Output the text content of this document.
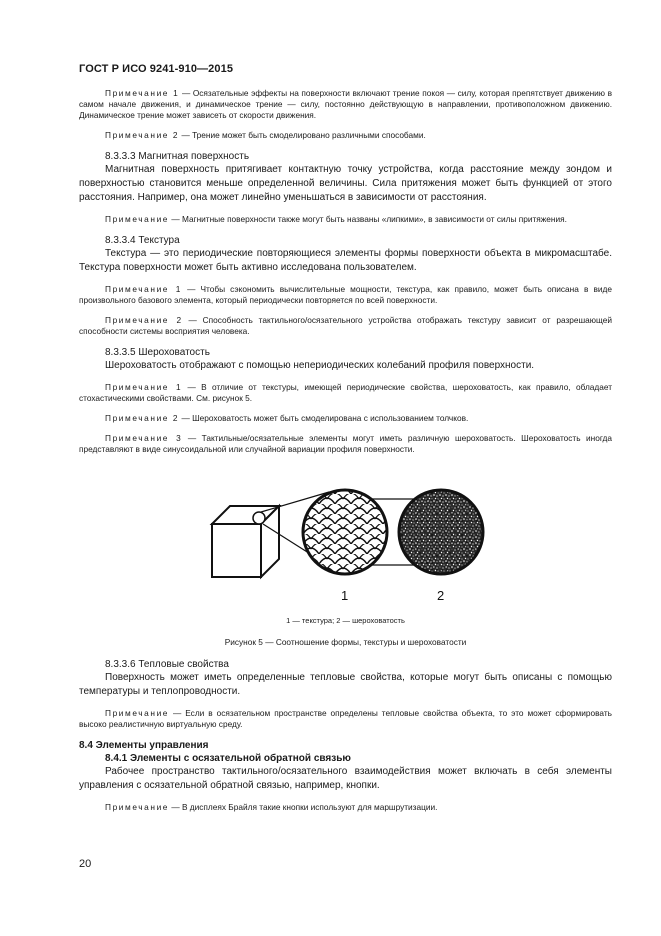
ГОСТ Р ИСО 9241-910—2015

Примечание 1 — Осязательные эффекты на поверхности включают трение покоя — силу, которая препятствует движению в самом начале движения, и динамическое трение — силу, постоянно действующую в направлении, противоположном движению. Динамическое трение может зависеть от скорости движения.

Примечание 2 — Трение может быть смоделировано различными способами.

8.3.3.3 Магнитная поверхность

Магнитная поверхность притягивает контактную точку устройства, когда расстояние между зондом и поверхностью становится меньше определенной величины. Сила притяжения может быть функцией от этого расстояния. Например, она может линейно уменьшаться в зависимости от расстояния.

Примечание — Магнитные поверхности также могут быть названы «липкими», в зависимости от силы притяжения.

8.3.3.4 Текстура

Текстура — это периодические повторяющиеся элементы формы поверхности объекта в микромасштабе. Текстура поверхности может быть активно исследована пользователем.

Примечание 1 — Чтобы сэкономить вычислительные мощности, текстура, как правило, может быть описана в виде произвольного базового элемента, который периодически повторяется по всей поверхности.

Примечание 2 — Способность тактильного/осязательного устройства отображать текстуру зависит от разрешающей способности системы восприятия человека.

8.3.3.5 Шероховатость

Шероховатость отображают с помощью непериодических колебаний профиля поверхности.

Примечание 1 — В отличие от текстуры, имеющей периодические свойства, шероховатость, как правило, обладает стохастическими свойствами. См. рисунок 5.

Примечание 2 — Шероховатость может быть смоделирована с использованием толчков.

Примечание 3 — Тактильные/осязательные элементы могут иметь различную шероховатость. Шероховатость иногда представляют в виде синусоидальной или случайной вариации профиля поверхности.

1	2

1 — текстура; 2 — шероховатость

Рисунок 5 — Соотношение формы, текстуры и шероховатости

8.3.3.6 Тепловые свойства

Поверхность может иметь определенные тепловые свойства, которые могут быть описаны с помощью температуры и теплопроводности.

Примечание — Если в осязательном пространстве определены тепловые свойства объекта, то это может сформировать высоко реалистичную виртуальную среду.

8.4 Элементы управления

8.4.1 Элементы с осязательной обратной связью

Рабочее пространство тактильного/осязательного взаимодействия может включать в себя элементы управления с осязательной обратной связью, например, кнопки.

Примечание — В дисплеях Брайля такие кнопки используют для маршрутизации.

20
